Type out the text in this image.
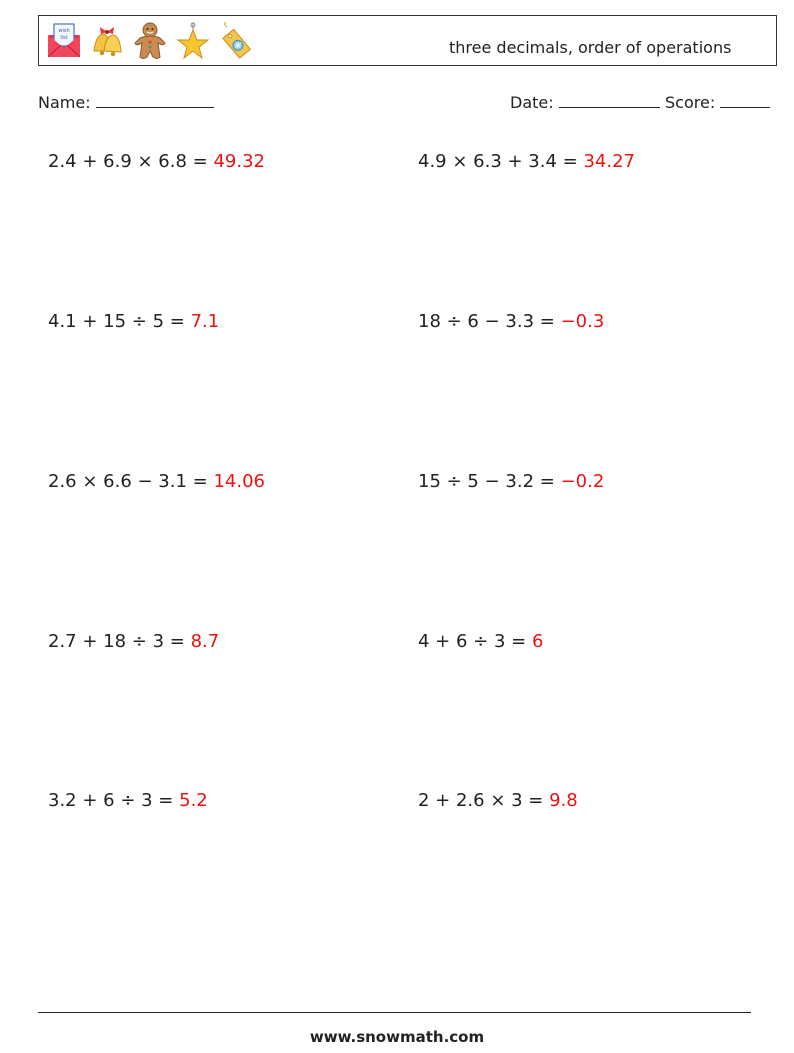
wish
list	three decimals, order of operations
Name:	Date:	Score:
2.4 + 6.9 × 6.8 = 49.32	4.9 × 6.3 + 3.4 = 34.27
4.1 + 15 ÷ 5 = 7.1	18 ÷ 6 − 3.3 = −0.3
2.6 × 6.6 − 3.1 = 14.06	15 ÷ 5 − 3.2 = −0.2
2.7 + 18 ÷ 3 = 8.7	4 + 6 ÷ 3 = 6
3.2 + 6 ÷ 3 = 5.2	2 + 2.6 × 3 = 9.8
www.snowmath.com
